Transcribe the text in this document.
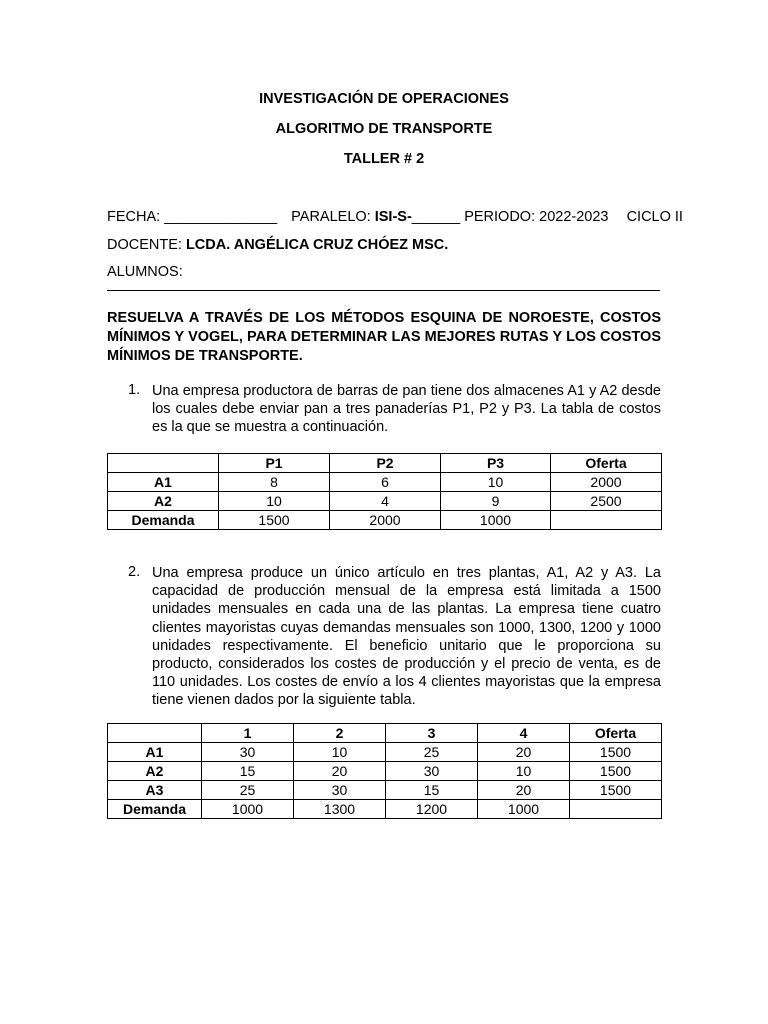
INVESTIGACIÓN DE OPERACIONES
ALGORITMO DE TRANSPORTE
TALLER # 2
FECHA: ______________ PARALELO: ISI-S-______ PERIODO: 2022-2023 CICLO II
DOCENTE: LCDA. ANGÉLICA CRUZ CHÓEZ MSC.
ALUMNOS:
RESUELVA A TRAVÉS DE LOS MÉTODOS ESQUINA DE NOROESTE, COSTOS MÍNIMOS Y VOGEL, PARA DETERMINAR LAS MEJORES RUTAS Y LOS COSTOS MÍNIMOS DE TRANSPORTE.
1. Una empresa productora de barras de pan tiene dos almacenes A1 y A2 desde los cuales debe enviar pan a tres panaderías P1, P2 y P3. La tabla de costos es la que se muestra a continuación.
	P1	P2	P3	Oferta
A1	8	6	10	2000
A2	10	4	9	2500
Demanda	1500	2000	1000	
2. Una empresa produce un único artículo en tres plantas, A1, A2 y A3. La capacidad de producción mensual de la empresa está limitada a 1500 unidades mensuales en cada una de las plantas. La empresa tiene cuatro clientes mayoristas cuyas demandas mensuales son 1000, 1300, 1200 y 1000 unidades respectivamente. El beneficio unitario que le proporciona su producto, considerados los costes de producción y el precio de venta, es de 110 unidades. Los costes de envío a los 4 clientes mayoristas que la empresa tiene vienen dados por la siguiente tabla.
	1	2	3	4	Oferta
A1	30	10	25	20	1500
A2	15	20	30	10	1500
A3	25	30	15	20	1500
Demanda	1000	1300	1200	1000	
